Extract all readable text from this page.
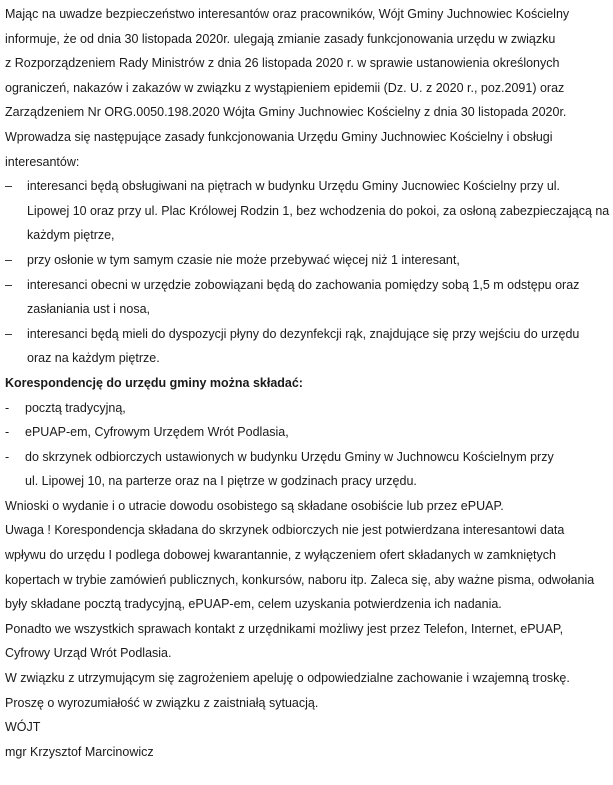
Mając na uwadze bezpieczeństwo interesantów oraz pracowników, Wójt Gminy Juchnowiec Kościelny
informuje, że od dnia 30 listopada 2020r. ulegają zmianie zasady funkcjonowania urzędu w związku
z Rozporządzeniem Rady Ministrów z dnia 26 listopada 2020 r. w sprawie ustanowienia określonych
ograniczeń, nakazów i zakazów w związku z wystąpieniem epidemii (Dz. U. z 2020 r., poz.2091) oraz
Zarządzeniem Nr ORG.0050.198.2020 Wójta Gminy Juchnowiec Kościelny z dnia 30 listopada 2020r.
Wprowadza się następujące zasady funkcjonowania Urzędu Gminy Juchnowiec Kościelny i obsługi
interesantów:
–	interesanci będą obsługiwani na piętrach w budynku Urzędu Gminy Jucnowiec Kościelny przy ul.
Lipowej 10 oraz przy ul. Plac Królowej Rodzin 1, bez wchodzenia do pokoi, za osłoną zabezpieczającą na
każdym piętrze,
–	przy osłonie w tym samym czasie nie może przebywać więcej niż 1 interesant,
–	interesanci obecni w urzędzie zobowiązani będą do zachowania pomiędzy sobą 1,5 m odstępu oraz
zasłaniania ust i nosa,
–	interesanci będą mieli do dyspozycji płyny do dezynfekcji rąk, znajdujące się przy wejściu do urzędu
oraz na każdym piętrze.
Korespondencję do urzędu gminy można składać:
-	pocztą tradycyjną,
-	ePUAP-em, Cyfrowym Urzędem Wrót Podlasia,
-	do skrzynek odbiorczych ustawionych w budynku Urzędu Gminy w Juchnowcu Kościelnym przy
ul. Lipowej 10, na parterze oraz na I piętrze w godzinach pracy urzędu.
Wnioski o wydanie i o utracie dowodu osobistego są składane osobiście lub przez ePUAP.
Uwaga ! Korespondencja składana do skrzynek odbiorczych nie jest potwierdzana interesantowi data
wpływu do urzędu I podlega dobowej kwarantannie, z wyłączeniem ofert składanych w zamkniętych
kopertach w trybie zamówień publicznych, konkursów, naboru itp. Zaleca się, aby ważne pisma, odwołania
były składane pocztą tradycyjną, ePUAP-em, celem uzyskania potwierdzenia ich nadania.
Ponadto we wszystkich sprawach kontakt z urzędnikami możliwy jest przez Telefon, Internet, ePUAP,
Cyfrowy Urząd Wrót Podlasia.
W związku z utrzymującym się zagrożeniem apeluję o odpowiedzialne zachowanie i wzajemną troskę.
Proszę o wyrozumiałość w związku z zaistniałą sytuacją.
WÓJT
mgr Krzysztof Marcinowicz
